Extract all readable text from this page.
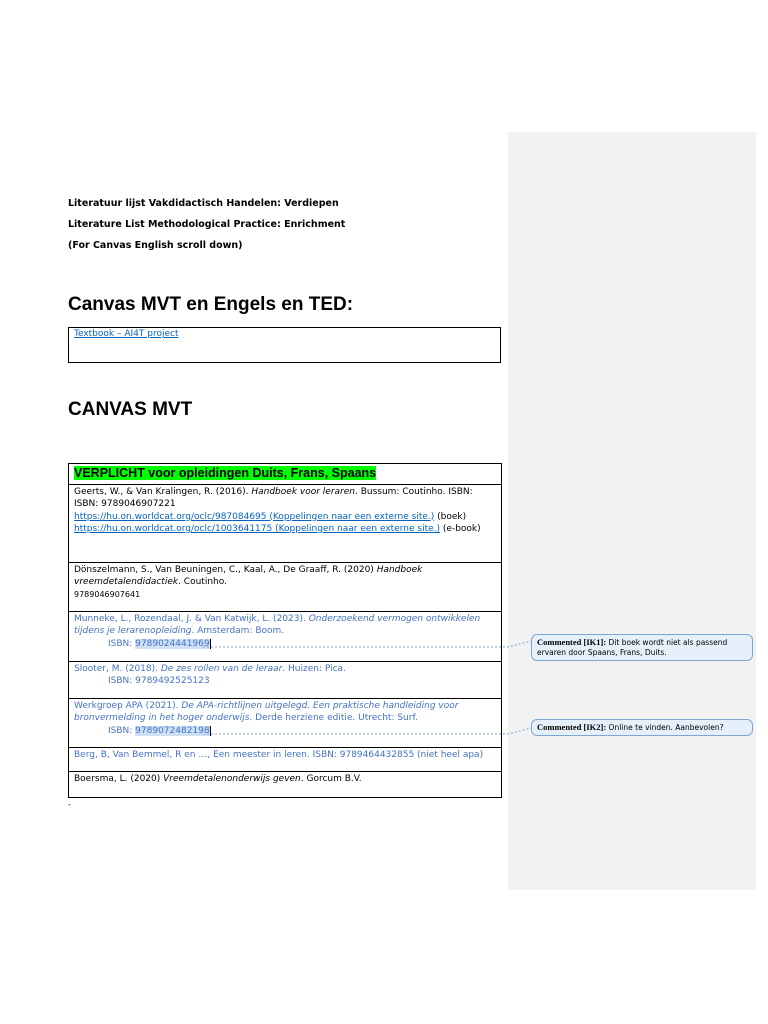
Literatuur lijst Vakdidactisch Handelen: Verdiepen
Literature List Methodological Practice: Enrichment
(For Canvas English scroll down)
Canvas MVT en Engels en TED:
Textbook – AI4T project
CANVAS MVT
VERPLICHT voor opleidingen Duits, Frans, Spaans
Geerts, W., & Van Kralingen, R. (2016). Handboek voor leraren. Bussum: Coutinho. ISBN:
ISBN: 9789046907221
https://hu.on.worldcat.org/oclc/987084695 (Koppelingen naar een externe site.) (boek) https://hu.on.worldcat.org/oclc/1003641175 (Koppelingen naar een externe site.) (e-book)
Dönszelmann, S., Van Beuningen, C., Kaal, A., De Graaff, R. (2020) Handboek vreemdetalendidactiek. Coutinho.
9789046907641
Munneke, L., Rozendaal, J. & Van Katwijk, L. (2023). Onderzoekend vermogen ontwikkelen tijdens je lerarenopleiding. Amsterdam: Boom.
ISBN: 9789024441969

Slooter, M. (2018). De zes rollen van de leraar. Huizen: Pica.
ISBN: 9789492525123

Werkgroep APA (2021). De APA-richtlijnen uitgelegd. Een praktische handleiding voor bronvermelding in het hoger onderwijs. Derde herziene editie. Utrecht: Surf.
ISBN: 9789072482198

Berg, B, Van Bemmel, R en …, Een meester in leren. ISBN: 9789464432855 (niet heel apa)
Boersma, L. (2020) Vreemdetalenonderwijs geven. Gorcum B.V.
-
Commented [IK1]: Dit boek wordt niet als passend ervaren door Spaans, Frans, Duits.
Commented [IK2]: Online te vinden. Aanbevolen?
